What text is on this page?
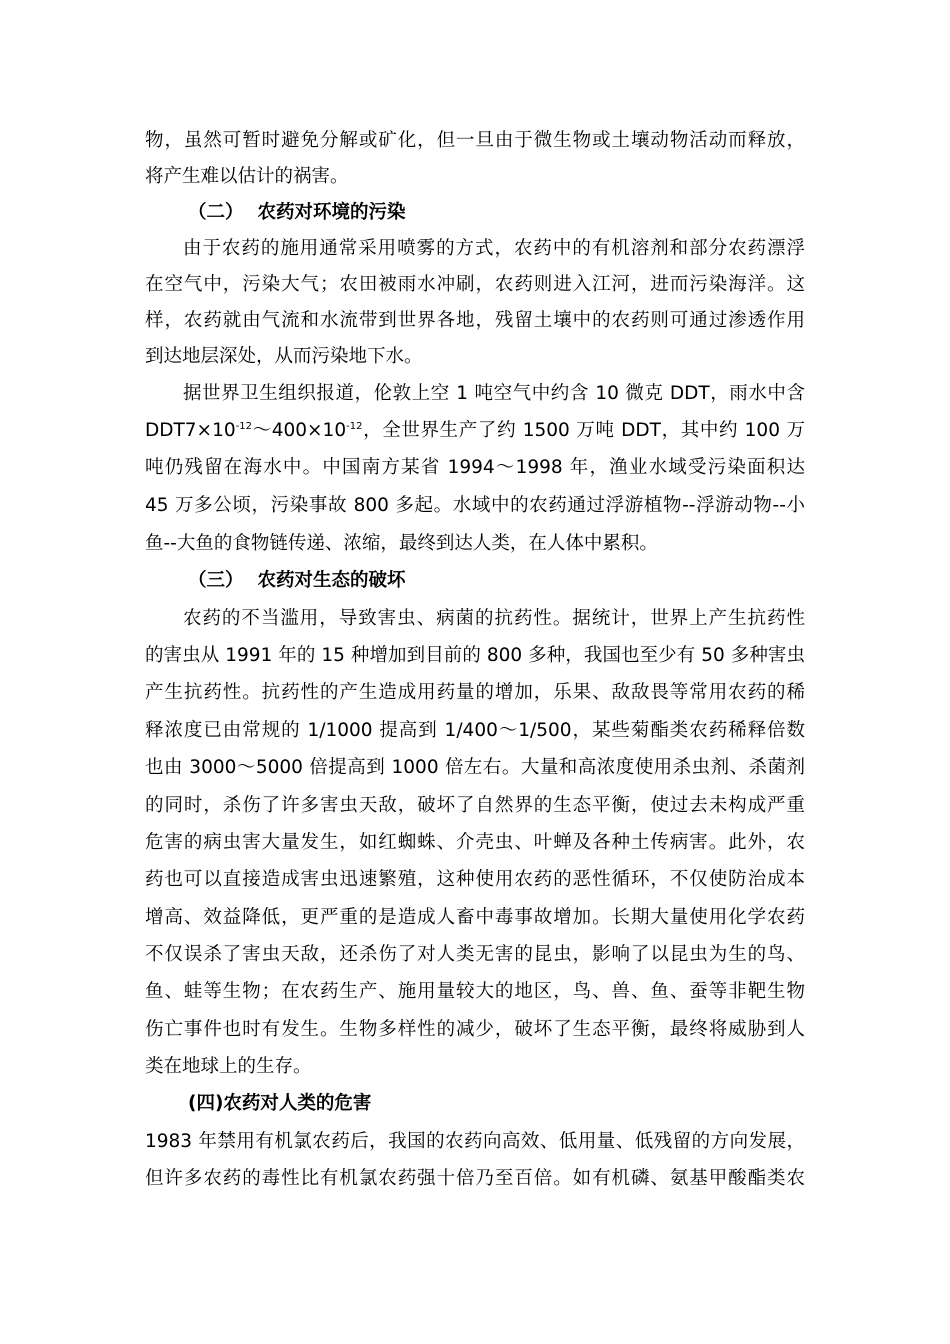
物，虽然可暂时避免分解或矿化，但一旦由于微生物或土壤动物活动而释放，
将产生难以估计的祸害。
（二） 农药对环境的污染
由于农药的施用通常采用喷雾的方式，农药中的有机溶剂和部分农药漂浮
在空气中，污染大气；农田被雨水冲刷，农药则进入江河，进而污染海洋。这
样，农药就由气流和水流带到世界各地，残留土壤中的农药则可通过渗透作用
到达地层深处，从而污染地下水。
据世界卫生组织报道，伦敦上空 1 吨空气中约含 10 微克 DDT，雨水中含
$DDT7\times 10^{-12}\sim 400\times 10^{-12}$，全世界生产了约 1500 万吨 DDT，其中约 100 万
吨仍残留在海水中。中国南方某省 1994～1998 年，渔业水域受污染面积达
45 万多公顷，污染事故 800 多起。水域中的农药通过浮游植物--浮游动物--小
鱼--大鱼的食物链传递、浓缩，最终到达人类，在人体中累积。
（三） 农药对生态的破坏
农药的不当滥用，导致害虫、病菌的抗药性。据统计，世界上产生抗药性
的害虫从 1991 年的 15 种增加到目前的 800 多种，我国也至少有 50 多种害虫
产生抗药性。抗药性的产生造成用药量的增加，乐果、敌敌畏等常用农药的稀
释浓度已由常规的 1/1000 提高到 1/400～1/500，某些菊酯类农药稀释倍数
也由 3000～5000 倍提高到 1000 倍左右。大量和高浓度使用杀虫剂、杀菌剂
的同时，杀伤了许多害虫天敌，破坏了自然界的生态平衡，使过去未构成严重
危害的病虫害大量发生，如红蜘蛛、介壳虫、叶蝉及各种土传病害。此外，农
药也可以直接造成害虫迅速繁殖，这种使用农药的恶性循环，不仅使防治成本
增高、效益降低，更严重的是造成人畜中毒事故增加。长期大量使用化学农药
不仅误杀了害虫天敌，还杀伤了对人类无害的昆虫，影响了以昆虫为生的鸟、
鱼、蛙等生物；在农药生产、施用量较大的地区，鸟、兽、鱼、蚕等非靶生物
伤亡事件也时有发生。生物多样性的减少，破坏了生态平衡，最终将威胁到人
类在地球上的生存。
(四)农药对人类的危害
1983 年禁用有机氯农药后，我国的农药向高效、低用量、低残留的方向发展，
但许多农药的毒性比有机氯农药强十倍乃至百倍。如有机磷、氨基甲酸酯类农
